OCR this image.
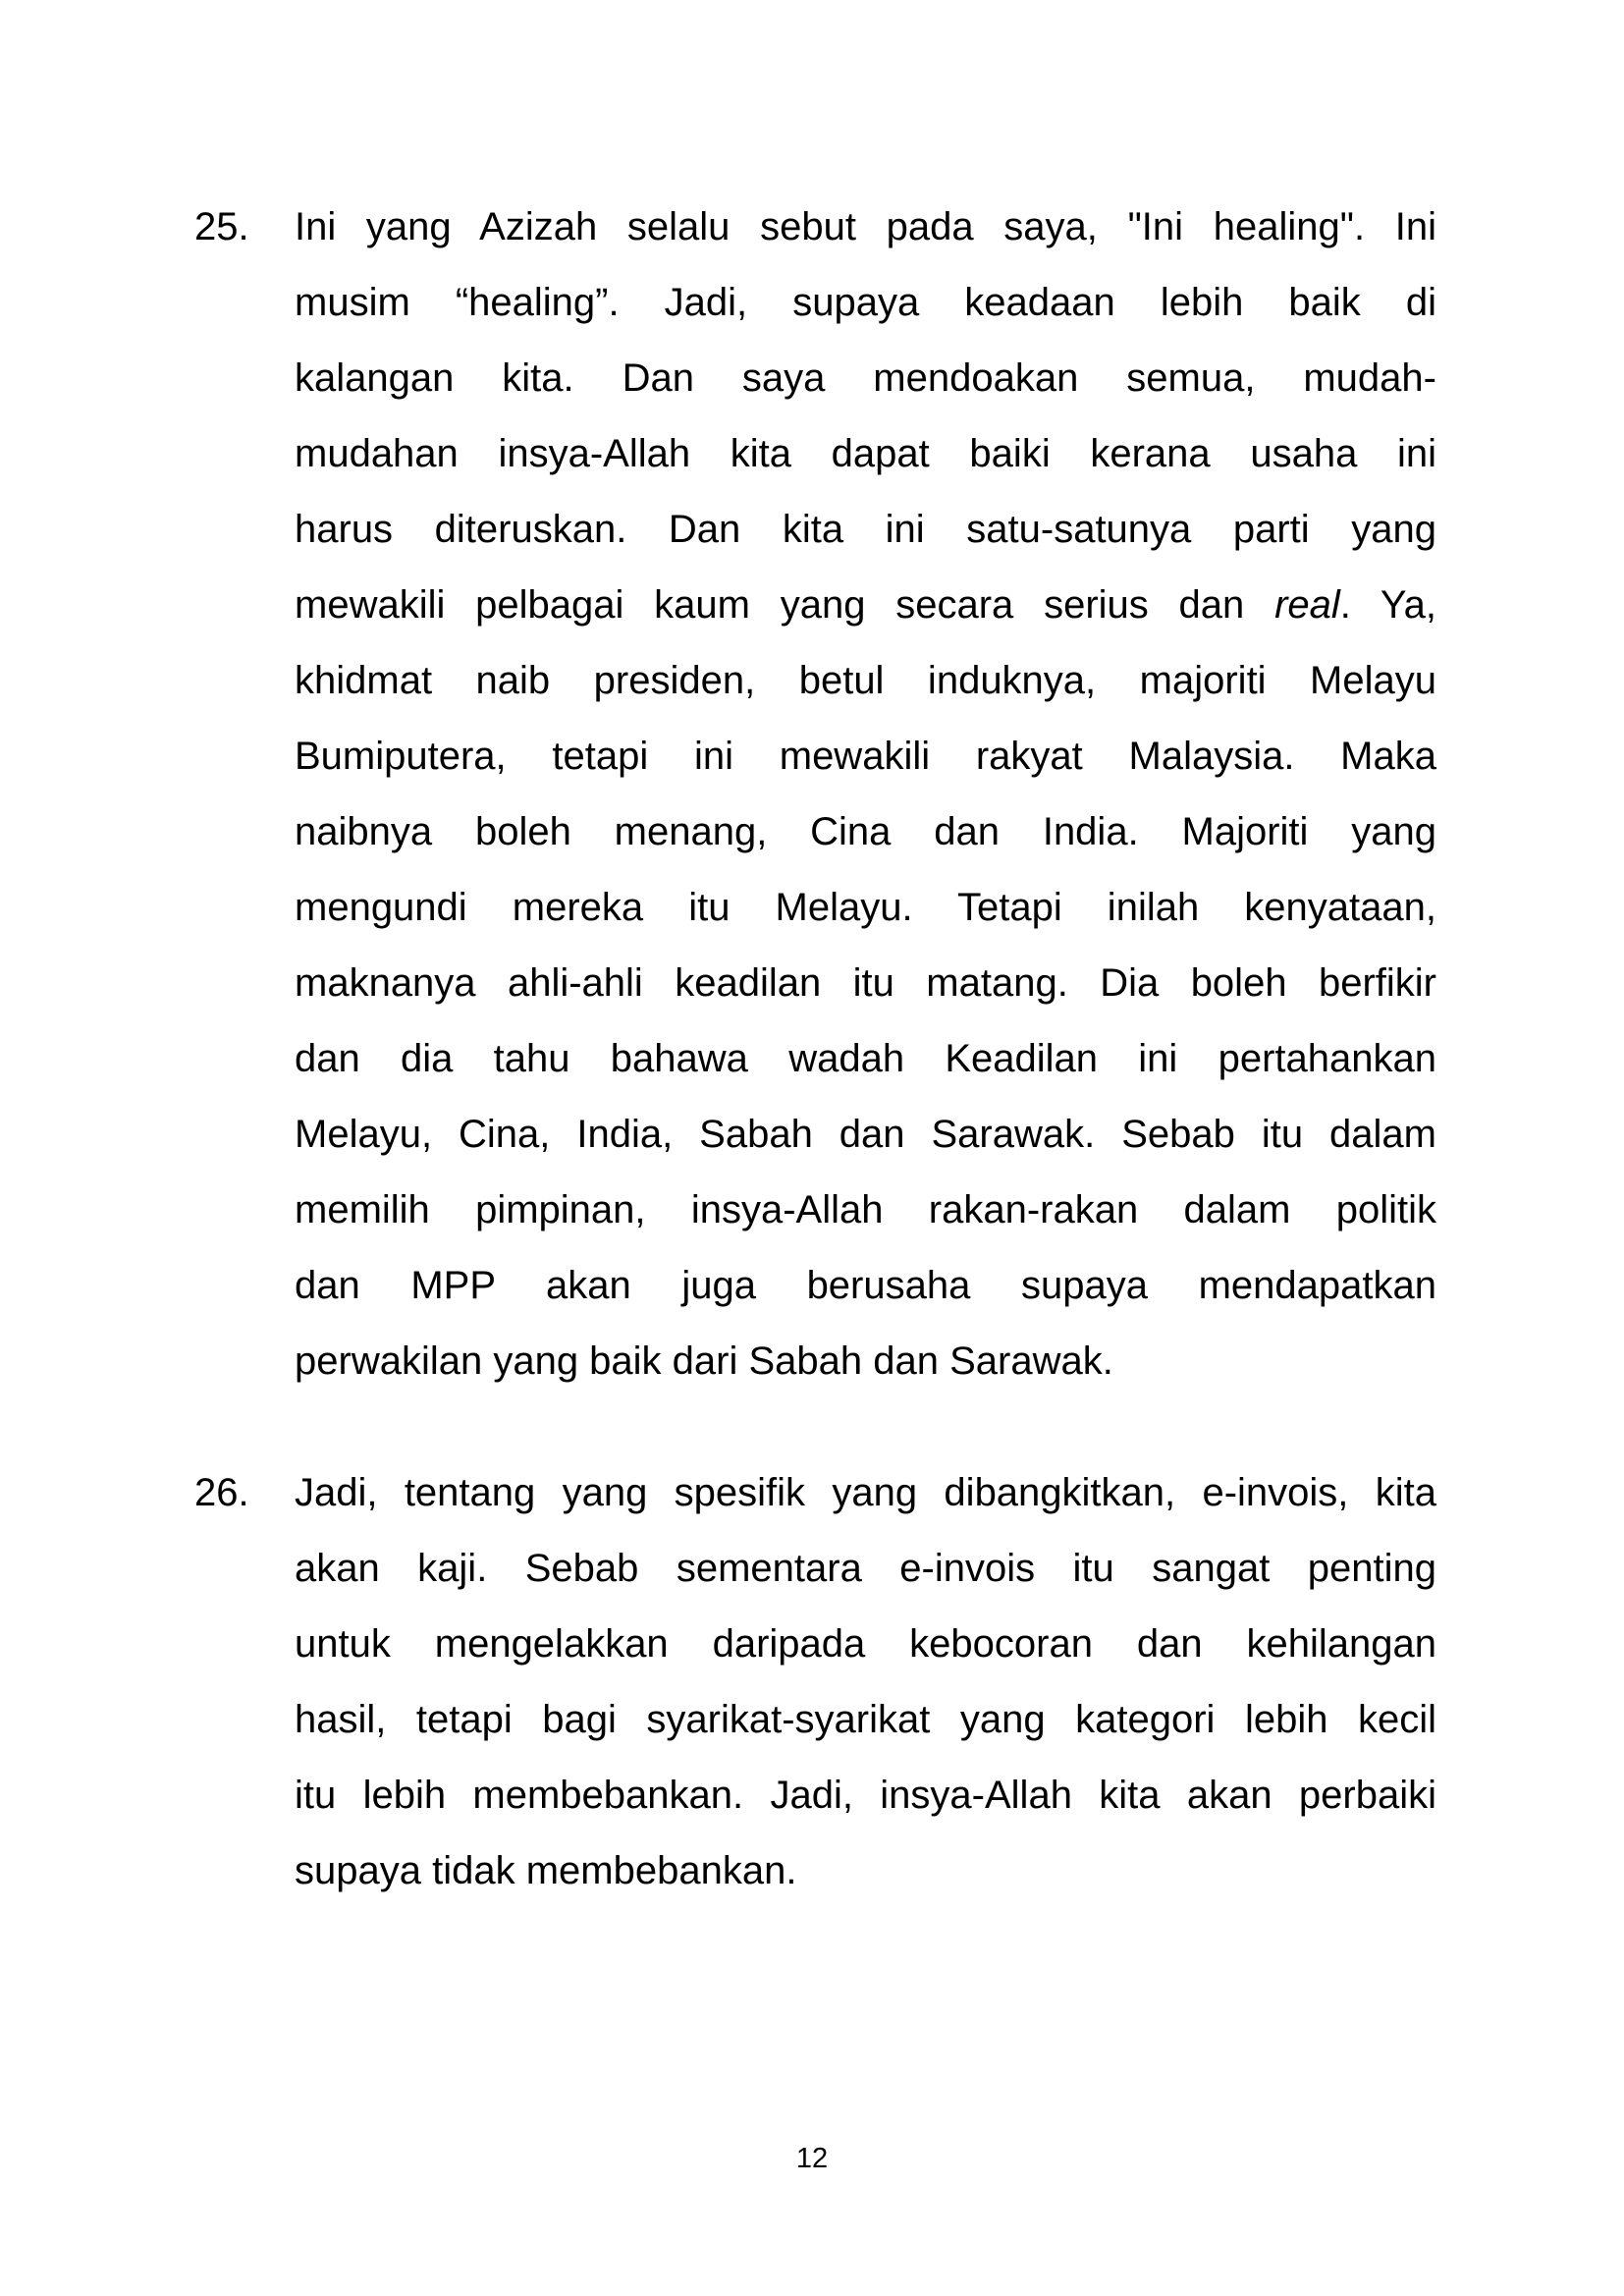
25.	Ini yang Azizah selalu sebut pada saya, "Ini healing". Ini
musim “healing”. Jadi, supaya keadaan lebih baik di
kalangan kita. Dan saya mendoakan semua, mudah-
mudahan insya-Allah kita dapat baiki kerana usaha ini
harus diteruskan. Dan kita ini satu-satunya parti yang
mewakili pelbagai kaum yang secara serius dan real. Ya,
khidmat naib presiden, betul induknya, majoriti Melayu
Bumiputera, tetapi ini mewakili rakyat Malaysia. Maka
naibnya boleh menang, Cina dan India. Majoriti yang
mengundi mereka itu Melayu. Tetapi inilah kenyataan,
maknanya ahli-ahli keadilan itu matang. Dia boleh berfikir
dan dia tahu bahawa wadah Keadilan ini pertahankan
Melayu, Cina, India, Sabah dan Sarawak. Sebab itu dalam
memilih pimpinan, insya-Allah rakan-rakan dalam politik
dan MPP akan juga berusaha supaya mendapatkan
perwakilan yang baik dari Sabah dan Sarawak.
26.	Jadi, tentang yang spesifik yang dibangkitkan, e-invois, kita
akan kaji. Sebab sementara e-invois itu sangat penting
untuk mengelakkan daripada kebocoran dan kehilangan
hasil, tetapi bagi syarikat-syarikat yang kategori lebih kecil
itu lebih membebankan. Jadi, insya-Allah kita akan perbaiki
supaya tidak membebankan.
12
